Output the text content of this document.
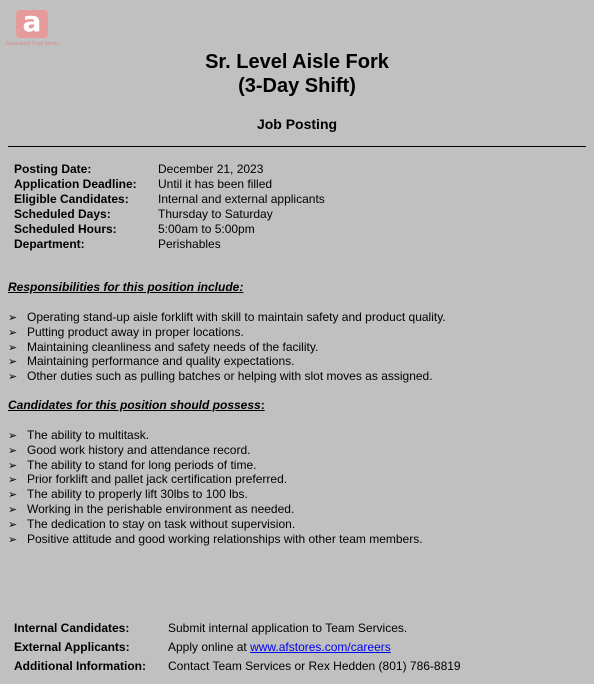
a
Associated Food Stores
Sr. Level Aisle Fork
(3-Day Shift)
Job Posting
Posting Date:	December 21, 2023
Application Deadline: Until it has been filled
Eligible Candidates: Internal and external applicants
Scheduled Days:	Thursday to Saturday
Scheduled Hours:	5:00am to 5:00pm
Department:	Perishables
Responsibilities for this position include:
➢ Operating stand-up aisle forklift with skill to maintain safety and product quality.
➢ Putting product away in proper locations.
➢ Maintaining cleanliness and safety needs of the facility.
➢ Maintaining performance and quality expectations.
➢ Other duties such as pulling batches or helping with slot moves as assigned.
Candidates for this position should possess:
➢ The ability to multitask.
➢ Good work history and attendance record.
➢ The ability to stand for long periods of time.
➢ Prior forklift and pallet jack certification preferred.
➢ The ability to properly lift 30lbs to 100 lbs.
➢ Working in the perishable environment as needed.
➢ The dedication to stay on task without supervision.
➢ Positive attitude and good working relationships with other team members.
Internal Candidates:	Submit internal application to Team Services.
External Applicants:	Apply online at www.afstores.com/careers
Additional Information: Contact Team Services or Rex Hedden (801) 786-8819
